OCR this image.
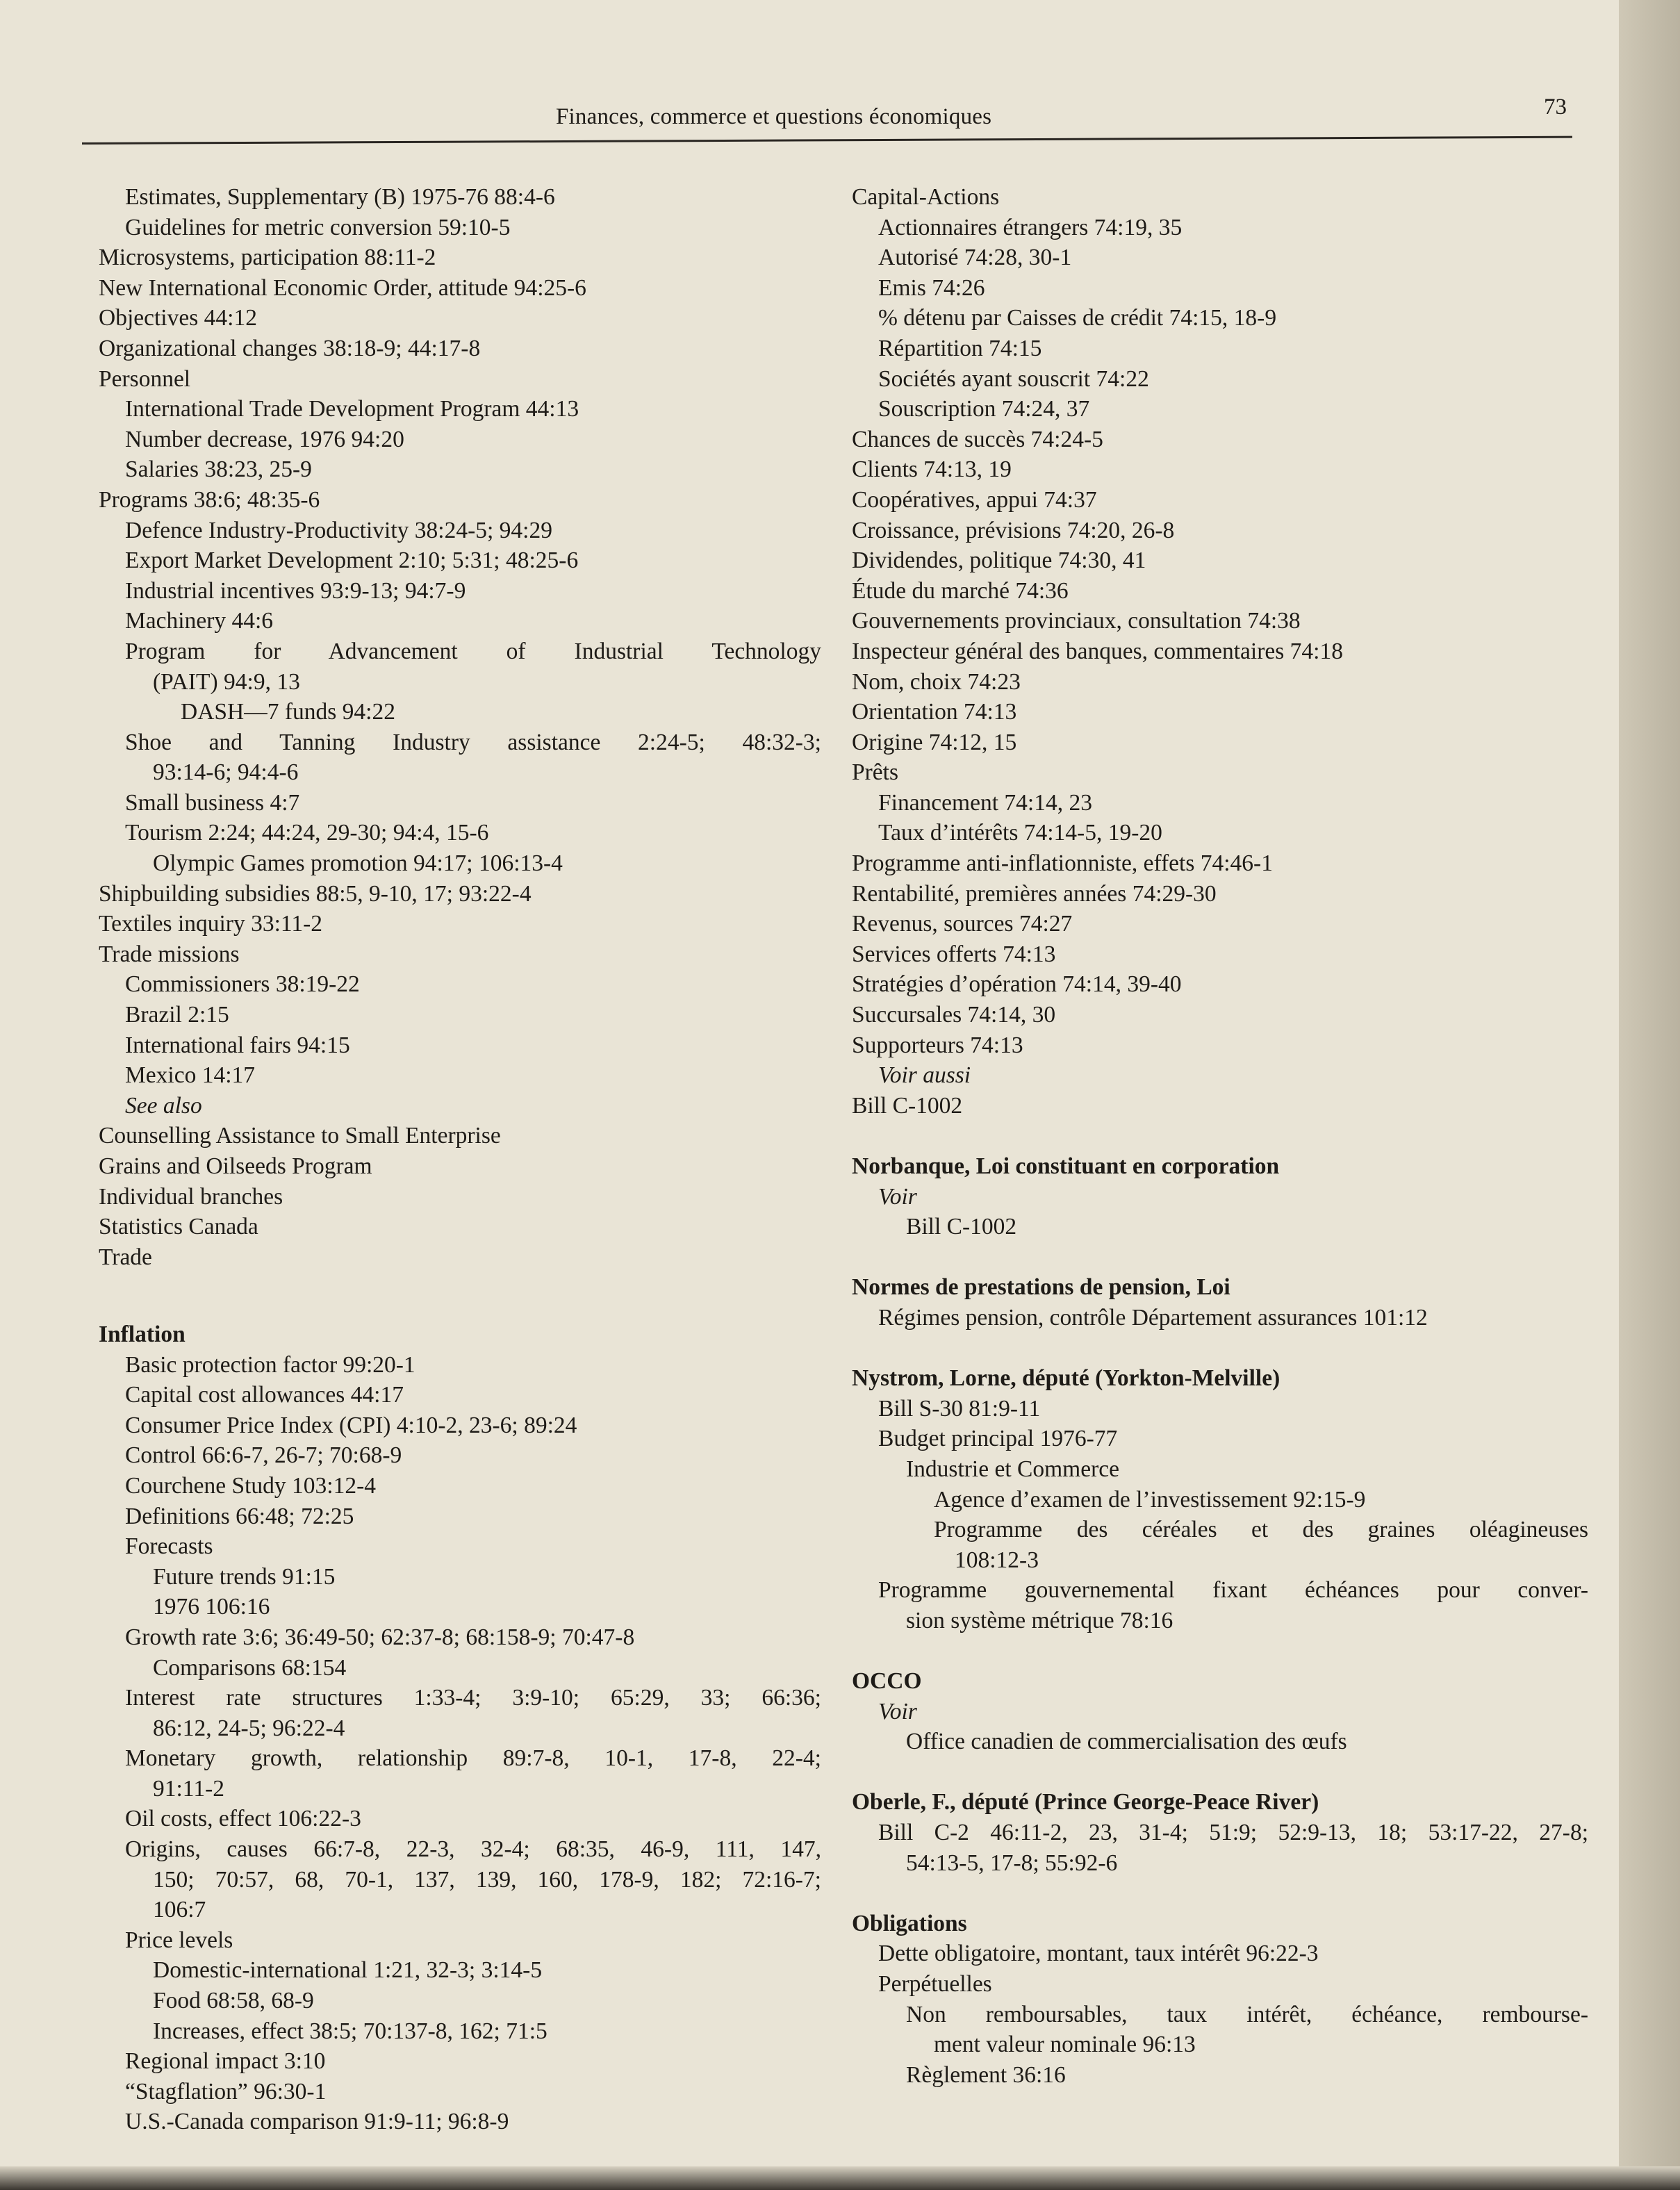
Finances, commerce et questions économiques	73
Estimates, Supplementary (B) 1975-76 88:4-6
Guidelines for metric conversion 59:10-5
Microsystems, participation 88:11-2
New International Economic Order, attitude 94:25-6
Objectives 44:12
Organizational changes 38:18-9; 44:17-8
Personnel
International Trade Development Program 44:13
Number decrease, 1976 94:20
Salaries 38:23, 25-9
Programs 38:6; 48:35-6
Defence Industry-Productivity 38:24-5; 94:29
Export Market Development 2:10; 5:31; 48:25-6
Industrial incentives 93:9-13; 94:7-9
Machinery 44:6
Program for Advancement of Industrial Technology
(PAIT) 94:9, 13
DASH—7 funds 94:22
Shoe and Tanning Industry assistance 2:24-5; 48:32-3;
93:14-6; 94:4-6
Small business 4:7
Tourism 2:24; 44:24, 29-30; 94:4, 15-6
Olympic Games promotion 94:17; 106:13-4
Shipbuilding subsidies 88:5, 9-10, 17; 93:22-4
Textiles inquiry 33:11-2
Trade missions
Commissioners 38:19-22
Brazil 2:15
International fairs 94:15
Mexico 14:17
See also
Counselling Assistance to Small Enterprise
Grains and Oilseeds Program
Individual branches
Statistics Canada
Trade
Inflation
Basic protection factor 99:20-1
Capital cost allowances 44:17
Consumer Price Index (CPI) 4:10-2, 23-6; 89:24
Control 66:6-7, 26-7; 70:68-9
Courchene Study 103:12-4
Definitions 66:48; 72:25
Forecasts
Future trends 91:15
1976 106:16
Growth rate 3:6; 36:49-50; 62:37-8; 68:158-9; 70:47-8
Comparisons 68:154
Interest rate structures 1:33-4; 3:9-10; 65:29, 33; 66:36;
86:12, 24-5; 96:22-4
Monetary growth, relationship 89:7-8, 10-1, 17-8, 22-4;
91:11-2
Oil costs, effect 106:22-3
Origins, causes 66:7-8, 22-3, 32-4; 68:35, 46-9, 111, 147,
150; 70:57, 68, 70-1, 137, 139, 160, 178-9, 182; 72:16-7;
106:7
Price levels
Domestic-international 1:21, 32-3; 3:14-5
Food 68:58, 68-9
Increases, effect 38:5; 70:137-8, 162; 71:5
Regional impact 3:10
“Stagflation” 96:30-1
U.S.-Canada comparison 91:9-11; 96:8-9
Capital-Actions
Actionnaires étrangers 74:19, 35
Autorisé 74:28, 30-1
Emis 74:26
% détenu par Caisses de crédit 74:15, 18-9
Répartition 74:15
Sociétés ayant souscrit 74:22
Souscription 74:24, 37
Chances de succès 74:24-5
Clients 74:13, 19
Coopératives, appui 74:37
Croissance, prévisions 74:20, 26-8
Dividendes, politique 74:30, 41
Étude du marché 74:36
Gouvernements provinciaux, consultation 74:38
Inspecteur général des banques, commentaires 74:18
Nom, choix 74:23
Orientation 74:13
Origine 74:12, 15
Prêts
Financement 74:14, 23
Taux d’intérêts 74:14-5, 19-20
Programme anti-inflationniste, effets 74:46-1
Rentabilité, premières années 74:29-30
Revenus, sources 74:27
Services offerts 74:13
Stratégies d’opération 74:14, 39-40
Succursales 74:14, 30
Supporteurs 74:13
Voir aussi
Bill C-1002
Norbanque, Loi constituant en corporation
Voir
Bill C-1002
Normes de prestations de pension, Loi
Régimes pension, contrôle Département assurances 101:12
Nystrom, Lorne, député (Yorkton-Melville)
Bill S-30 81:9-11
Budget principal 1976-77
Industrie et Commerce
Agence d’examen de l’investissement 92:15-9
Programme des céréales et des graines oléagineuses
108:12-3
Programme gouvernemental fixant échéances pour conver-
sion système métrique 78:16
OCCO
Voir
Office canadien de commercialisation des œufs
Oberle, F., député (Prince George-Peace River)
Bill C-2 46:11-2, 23, 31-4; 51:9; 52:9-13, 18; 53:17-22, 27-8;
54:13-5, 17-8; 55:92-6
Obligations
Dette obligatoire, montant, taux intérêt 96:22-3
Perpétuelles
Non remboursables, taux intérêt, échéance, rembourse-
ment valeur nominale 96:13
Règlement 36:16
